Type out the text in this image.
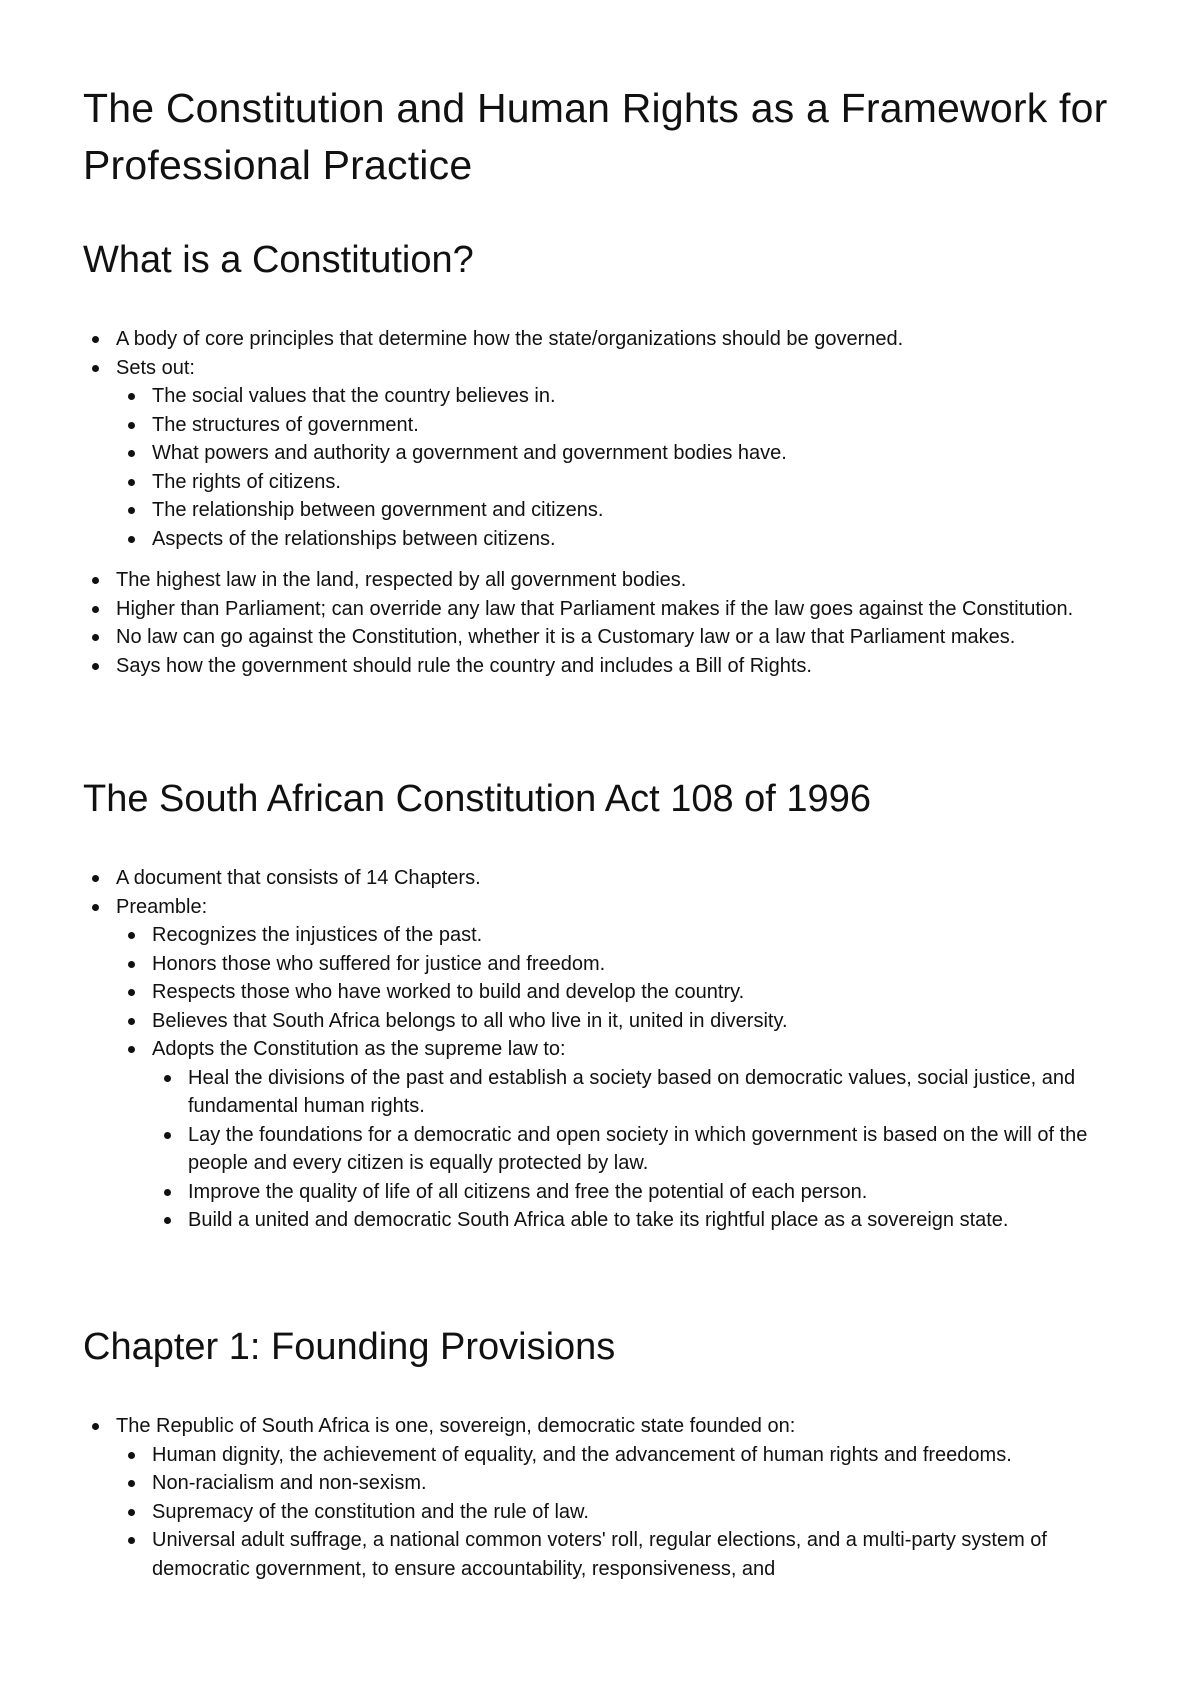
The Constitution and Human Rights as a Framework for Professional Practice
What is a Constitution?
A body of core principles that determine how the state/organizations should be governed.
Sets out:
The social values that the country believes in.
The structures of government.
What powers and authority a government and government bodies have.
The rights of citizens.
The relationship between government and citizens.
Aspects of the relationships between citizens.
The highest law in the land, respected by all government bodies.
Higher than Parliament; can override any law that Parliament makes if the law goes against the Constitution.
No law can go against the Constitution, whether it is a Customary law or a law that Parliament makes.
Says how the government should rule the country and includes a Bill of Rights.
The South African Constitution Act 108 of 1996
A document that consists of 14 Chapters.
Preamble:
Recognizes the injustices of the past.
Honors those who suffered for justice and freedom.
Respects those who have worked to build and develop the country.
Believes that South Africa belongs to all who live in it, united in diversity.
Adopts the Constitution as the supreme law to:
Heal the divisions of the past and establish a society based on democratic values, social justice, and fundamental human rights.
Lay the foundations for a democratic and open society in which government is based on the will of the people and every citizen is equally protected by law.
Improve the quality of life of all citizens and free the potential of each person.
Build a united and democratic South Africa able to take its rightful place as a sovereign state.
Chapter 1: Founding Provisions
The Republic of South Africa is one, sovereign, democratic state founded on:
Human dignity, the achievement of equality, and the advancement of human rights and freedoms.
Non-racialism and non-sexism.
Supremacy of the constitution and the rule of law.
Universal adult suffrage, a national common voters' roll, regular elections, and a multi-party system of democratic government, to ensure accountability, responsiveness, and
